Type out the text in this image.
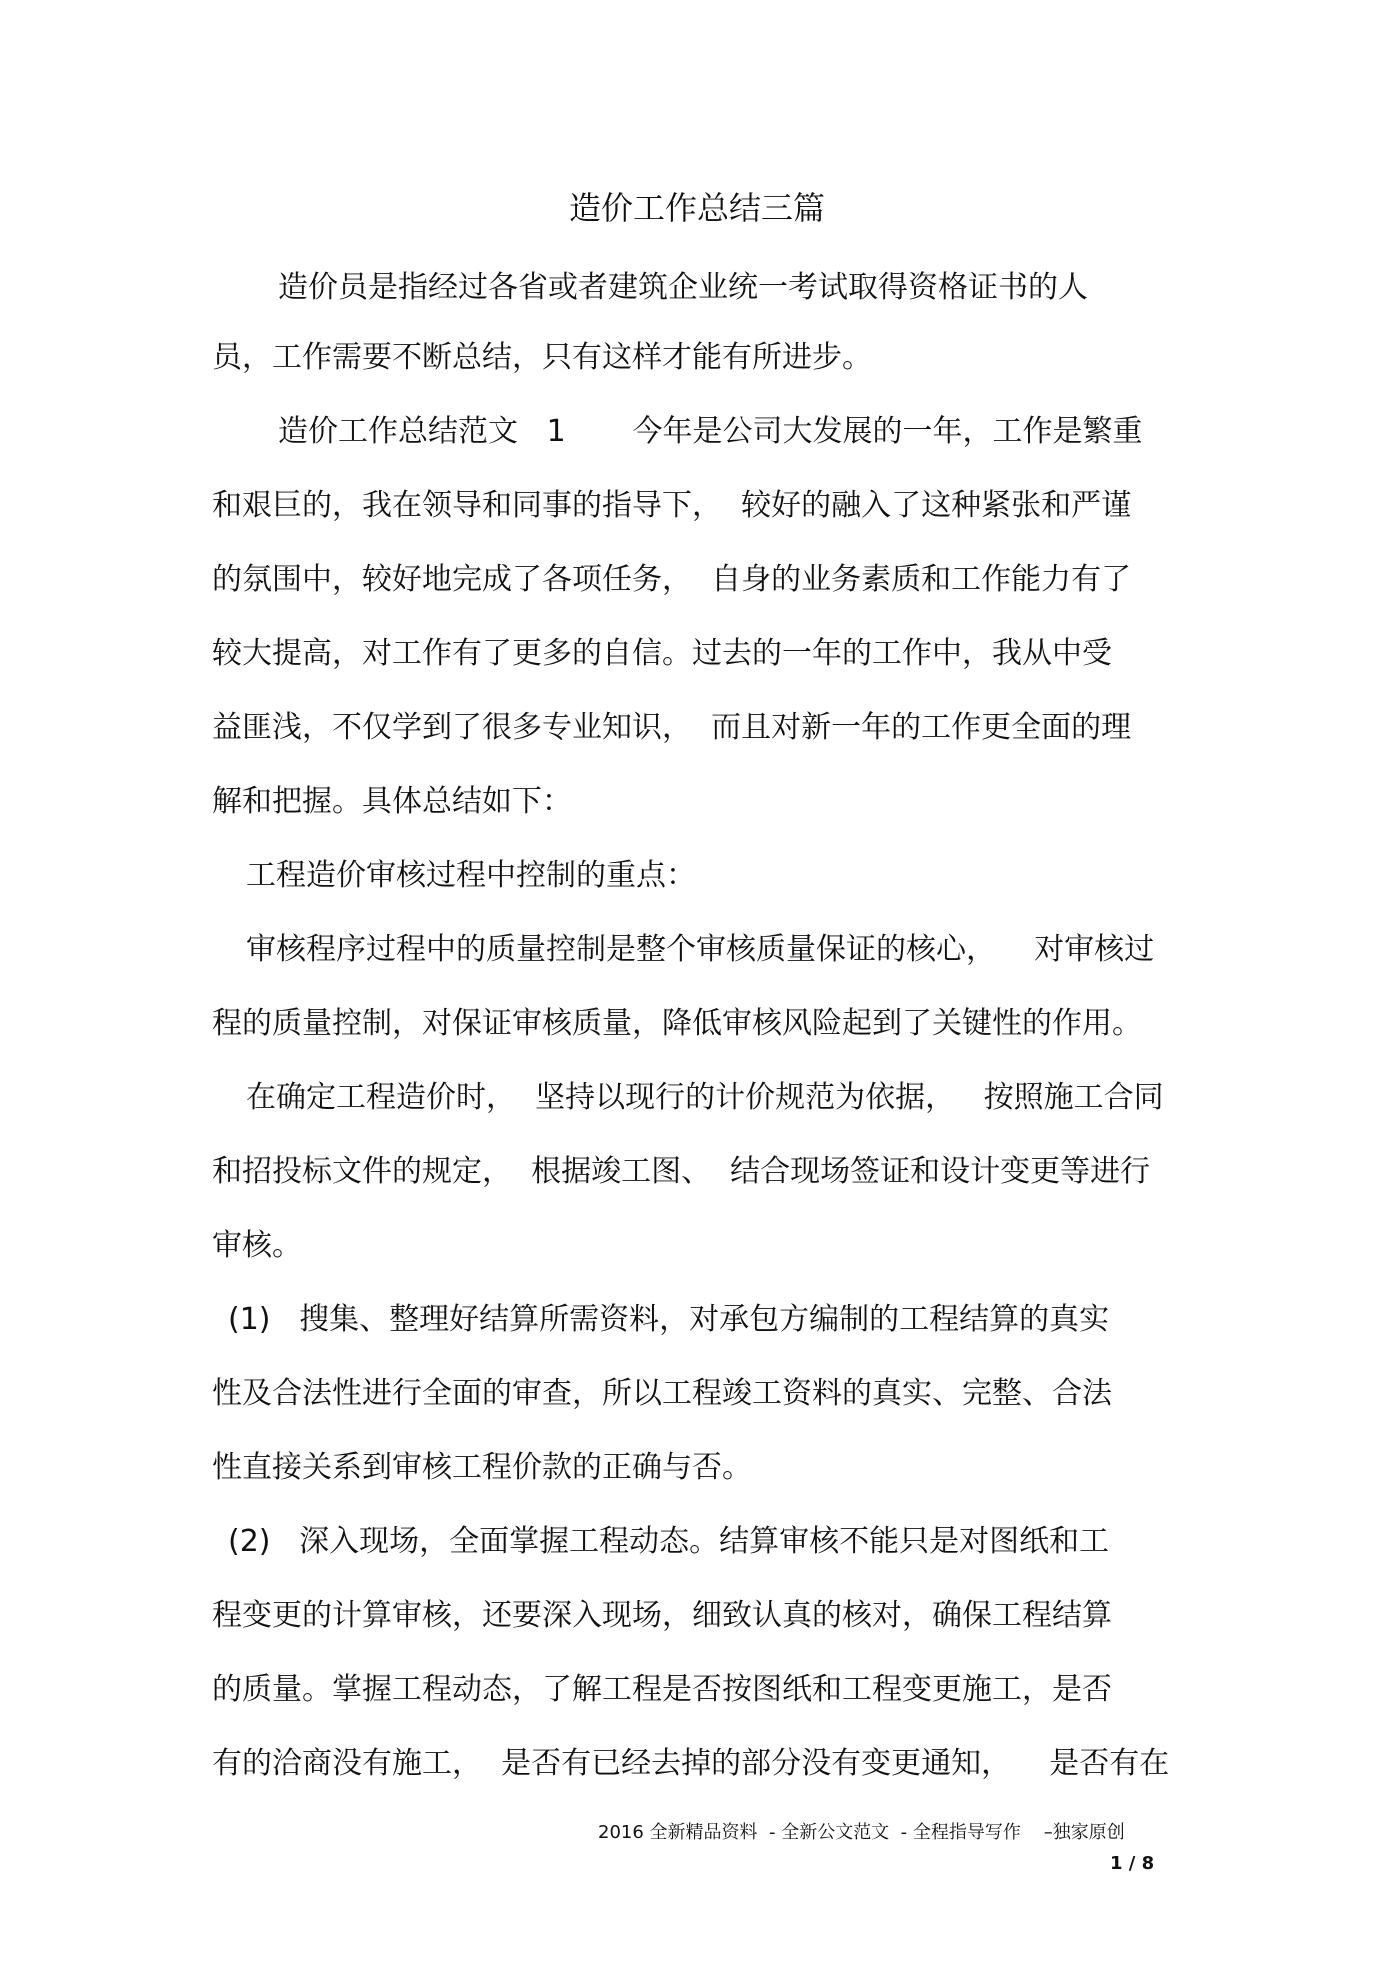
造价工作总结三篇
造价员是指经过各省或者建筑企业统一考试取得资格证书的人
员，工作需要不断总结，只有这样才能有所进步。
造价工作总结范文   1       今年是公司大发展的一年，工作是繁重
和艰巨的，我在领导和同事的指导下，  较好的融入了这种紧张和严谨
的氛围中，较好地完成了各项任务，  自身的业务素质和工作能力有了
较大提高，对工作有了更多的自信。过去的一年的工作中，我从中受
益匪浅，不仅学到了很多专业知识，  而且对新一年的工作更全面的理
解和把握。具体总结如下：
工程造价审核过程中控制的重点：
审核程序过程中的质量控制是整个审核质量保证的核心，    对审核过
程的质量控制，对保证审核质量，降低审核风险起到了关键性的作用。
在确定工程造价时，  坚持以现行的计价规范为依据，   按照施工合同
和招投标文件的规定，  根据竣工图、  结合现场签证和设计变更等进行
审核。
(1)   搜集、整理好结算所需资料，对承包方编制的工程结算的真实
性及合法性进行全面的审查，所以工程竣工资料的真实、完整、合法
性直接关系到审核工程价款的正确与否。
(2)   深入现场，全面掌握工程动态。结算审核不能只是对图纸和工
程变更的计算审核，还要深入现场，细致认真的核对，确保工程结算
的质量。掌握工程动态，了解工程是否按图纸和工程变更施工，是否
有的洽商没有施工，  是否有已经去掉的部分没有变更通知，    是否有在
2016 全新精品资料  - 全新公文范文  - 全程指导写作    –独家原创
1 / 8
